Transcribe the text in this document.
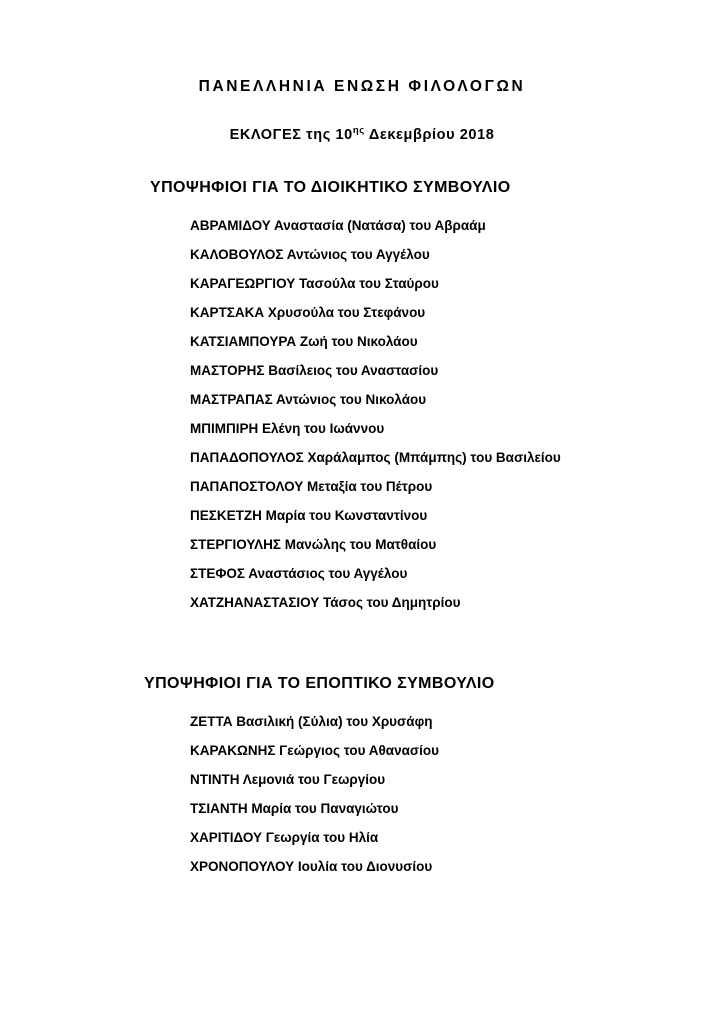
ΠΑΝΕΛΛΗΝΙΑ ΕΝΩΣΗ ΦΙΛΟΛΟΓΩΝ
ΕΚΛΟΓΕΣ της $10^{\eta\varsigma}$ Δεκεμβρίου 2018
ΥΠΟΨΗΦΙΟΙ ΓΙΑ ΤΟ ΔΙΟΙΚΗΤΙΚΟ ΣΥΜΒΟΥΛΙΟ
ΑΒΡΑΜΙΔΟΥ Αναστασία (Νατάσα) του Αβραάμ
ΚΑΛΟΒΟΥΛΟΣ Αντώνιος του Αγγέλου
ΚΑΡΑΓΕΩΡΓΙΟΥ Τασούλα του Σταύρου
ΚΑΡΤΣΑΚΑ Χρυσούλα του Στεφάνου
ΚΑΤΣΙΑΜΠΟΥΡΑ Ζωή του Νικολάου
ΜΑΣΤΟΡΗΣ Βασίλειος του Αναστασίου
ΜΑΣΤΡΑΠΑΣ Αντώνιος του Νικολάου
ΜΠΙΜΠΙΡΗ Ελένη του Ιωάννου
ΠΑΠΑΔΟΠΟΥΛΟΣ Χαράλαμπος (Μπάμπης) του Βασιλείου
ΠΑΠΑΠΟΣΤΟΛΟΥ Μεταξία του Πέτρου
ΠΕΣΚΕΤΖΗ Μαρία του Κωνσταντίνου
ΣΤΕΡΓΙΟΥΛΗΣ Μανώλης του Ματθαίου
ΣΤΕΦΟΣ Αναστάσιος του Αγγέλου
ΧΑΤΖΗΑΝΑΣΤΑΣΙΟΥ Τάσος του Δημητρίου
ΥΠΟΨΗΦΙΟΙ ΓΙΑ ΤΟ ΕΠΟΠΤΙΚΟ ΣΥΜΒΟΥΛΙΟ
ΖΕΤΤΑ Βασιλική (Σύλια) του Χρυσάφη
ΚΑΡΑΚΩΝΗΣ Γεώργιος του Αθανασίου
ΝΤΙΝΤΗ Λεμονιά του Γεωργίου
ΤΣΙΑΝΤΗ Μαρία του Παναγιώτου
ΧΑΡΙΤΙΔΟΥ Γεωργία του Ηλία
ΧΡΟΝΟΠΟΥΛΟΥ Ιουλία του Διονυσίου
